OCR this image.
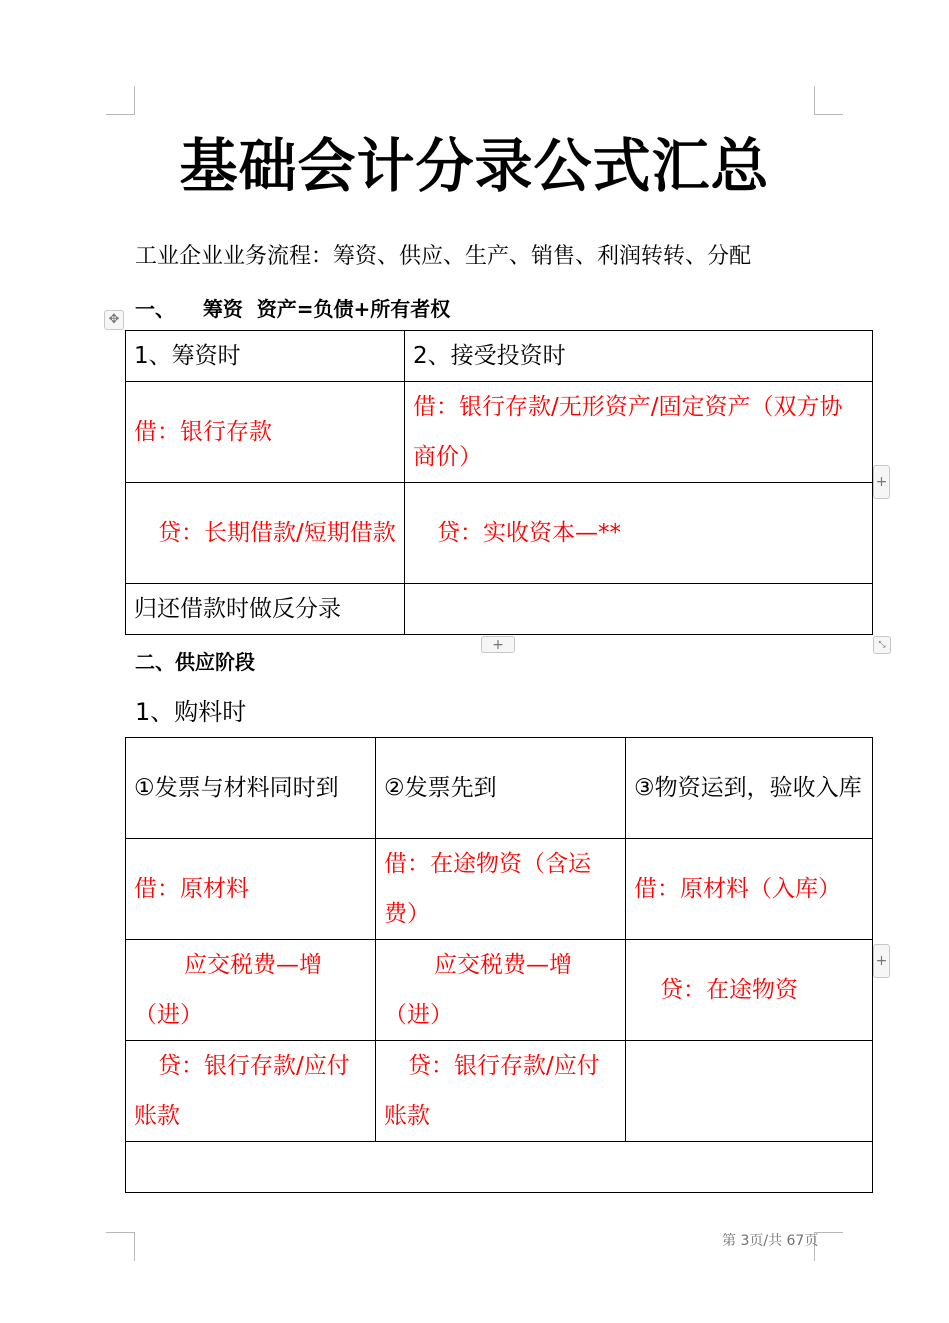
基础会计分录公式汇总
工业企业业务流程：筹资、供应、生产、销售、利润转转、分配
一、    筹资  资产=负债+所有者权
✥
1、筹资时	2、接受投资时
借：银行存款	借：银行存款/无形资产/固定资产（双方协商价）
贷：长期借款/短期借款	贷：实收资本—**
归还借款时做反分录	
+
+	⤡
二、供应阶段
1、购料时
①发票与材料同时到	②发票先到	③物资运到，验收入库
借：原材料	借：在途物资（含运费）	借：原材料（入库）
应交税费—增（进）	应交税费—增（进）	贷：在途物资
贷：银行存款/应付账款	贷：银行存款/应付账款	

+
第 3页/共 67页
